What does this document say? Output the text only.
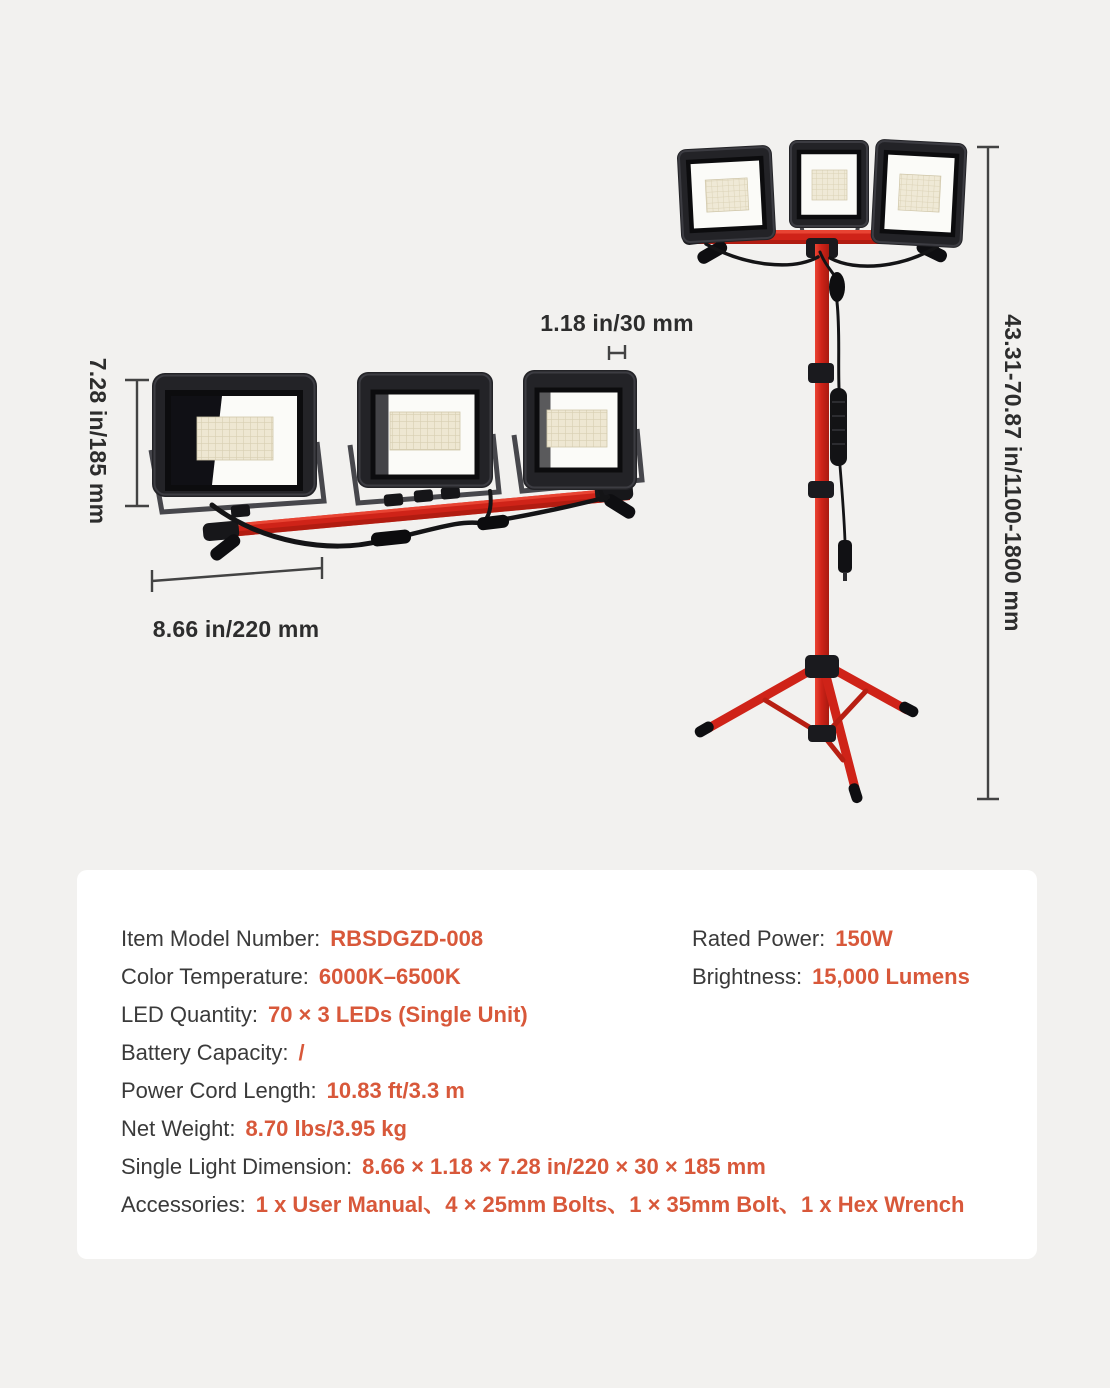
7.28 in/185 mm
1.18 in/30 mm
8.66 in/220 mm	43.31-70.87 in/1100-1800 mm
Item Model Number: RBSDGZD-008	Rated Power: 150W
Color Temperature: 6000K–6500K	Brightness: 15,000 Lumens
LED Quantity: 70 × 3 LEDs (Single Unit)
Battery Capacity: /
Power Cord Length: 10.83 ft/3.3 m
Net Weight: 8.70 lbs/3.95 kg
Single Light Dimension: 8.66 × 1.18 × 7.28 in/220 × 30 × 185 mm
Accessories: 1 x User Manual、4 × 25mm Bolts、1 × 35mm Bolt、1 x Hex Wrench
